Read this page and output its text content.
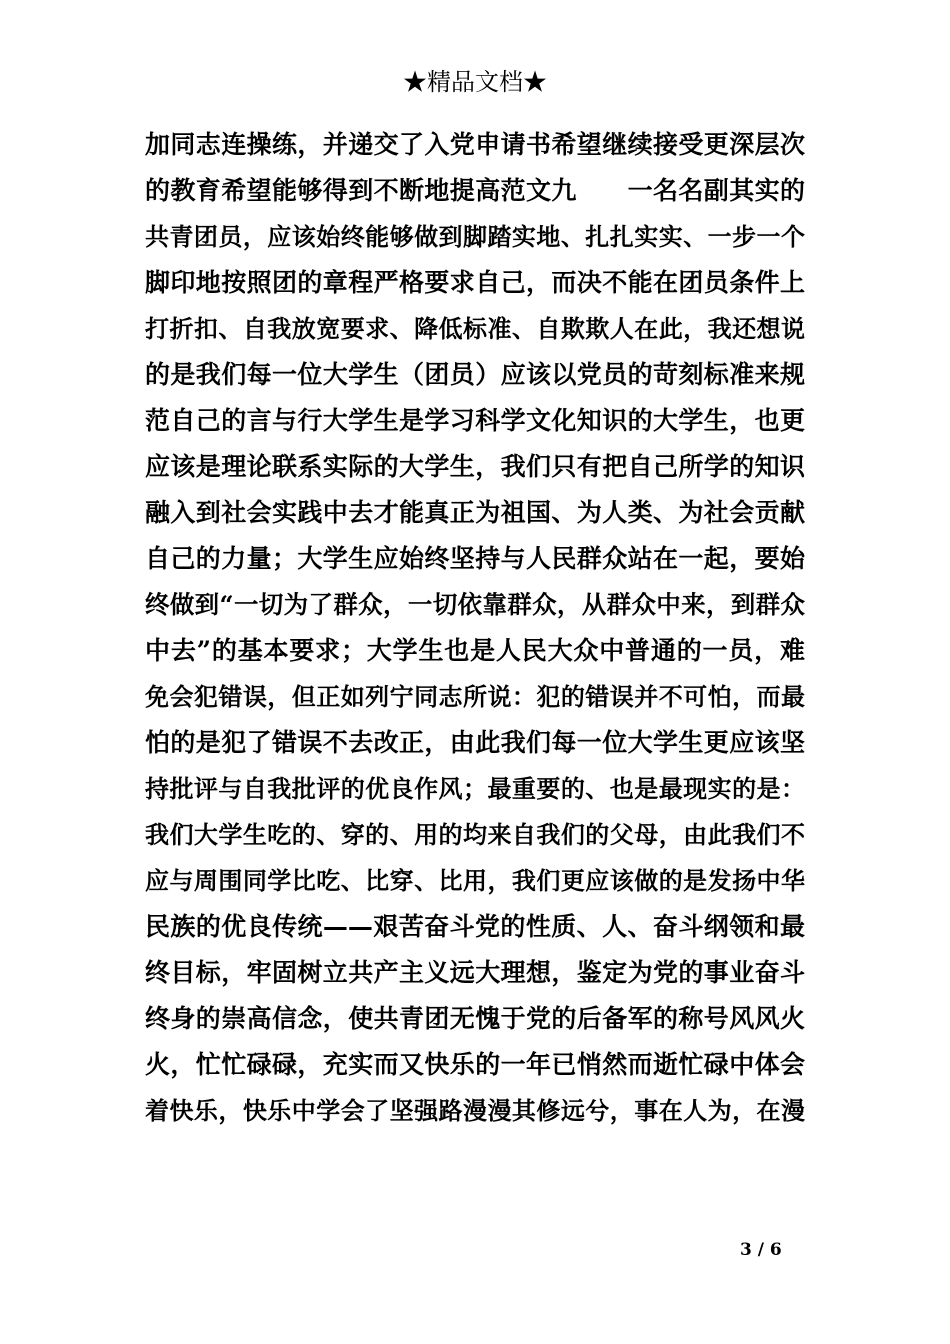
★精品文档★
加同志连操练，并递交了入党申请书希望继续接受更深层次
的教育希望能够得到不断地提高范文九　　一名名副其实的
共青团员，应该始终能够做到脚踏实地、扎扎实实、一步一个
脚印地按照团的章程严格要求自己，而决不能在团员条件上
打折扣、自我放宽要求、降低标准、自欺欺人在此，我还想说
的是我们每一位大学生（团员）应该以党员的苛刻标准来规
范自己的言与行大学生是学习科学文化知识的大学生，也更
应该是理论联系实际的大学生，我们只有把自己所学的知识
融入到社会实践中去才能真正为祖国、为人类、为社会贡献
自己的力量；大学生应始终坚持与人民群众站在一起，要始
终做到“一切为了群众，一切依靠群众，从群众中来，到群众
中去”的基本要求；大学生也是人民大众中普通的一员，难
免会犯错误，但正如列宁同志所说：犯的错误并不可怕，而最
怕的是犯了错误不去改正，由此我们每一位大学生更应该坚
持批评与自我批评的优良作风；最重要的、也是最现实的是：
我们大学生吃的、穿的、用的均来自我们的父母，由此我们不
应与周围同学比吃、比穿、比用，我们更应该做的是发扬中华
民族的优良传统——艰苦奋斗党的性质、人、奋斗纲领和最
终目标，牢固树立共产主义远大理想，鉴定为党的事业奋斗
终身的崇高信念，使共青团无愧于党的后备军的称号风风火
火，忙忙碌碌，充实而又快乐的一年已悄然而逝忙碌中体会
着快乐，快乐中学会了坚强路漫漫其修远兮，事在人为，在漫
3 / 6
